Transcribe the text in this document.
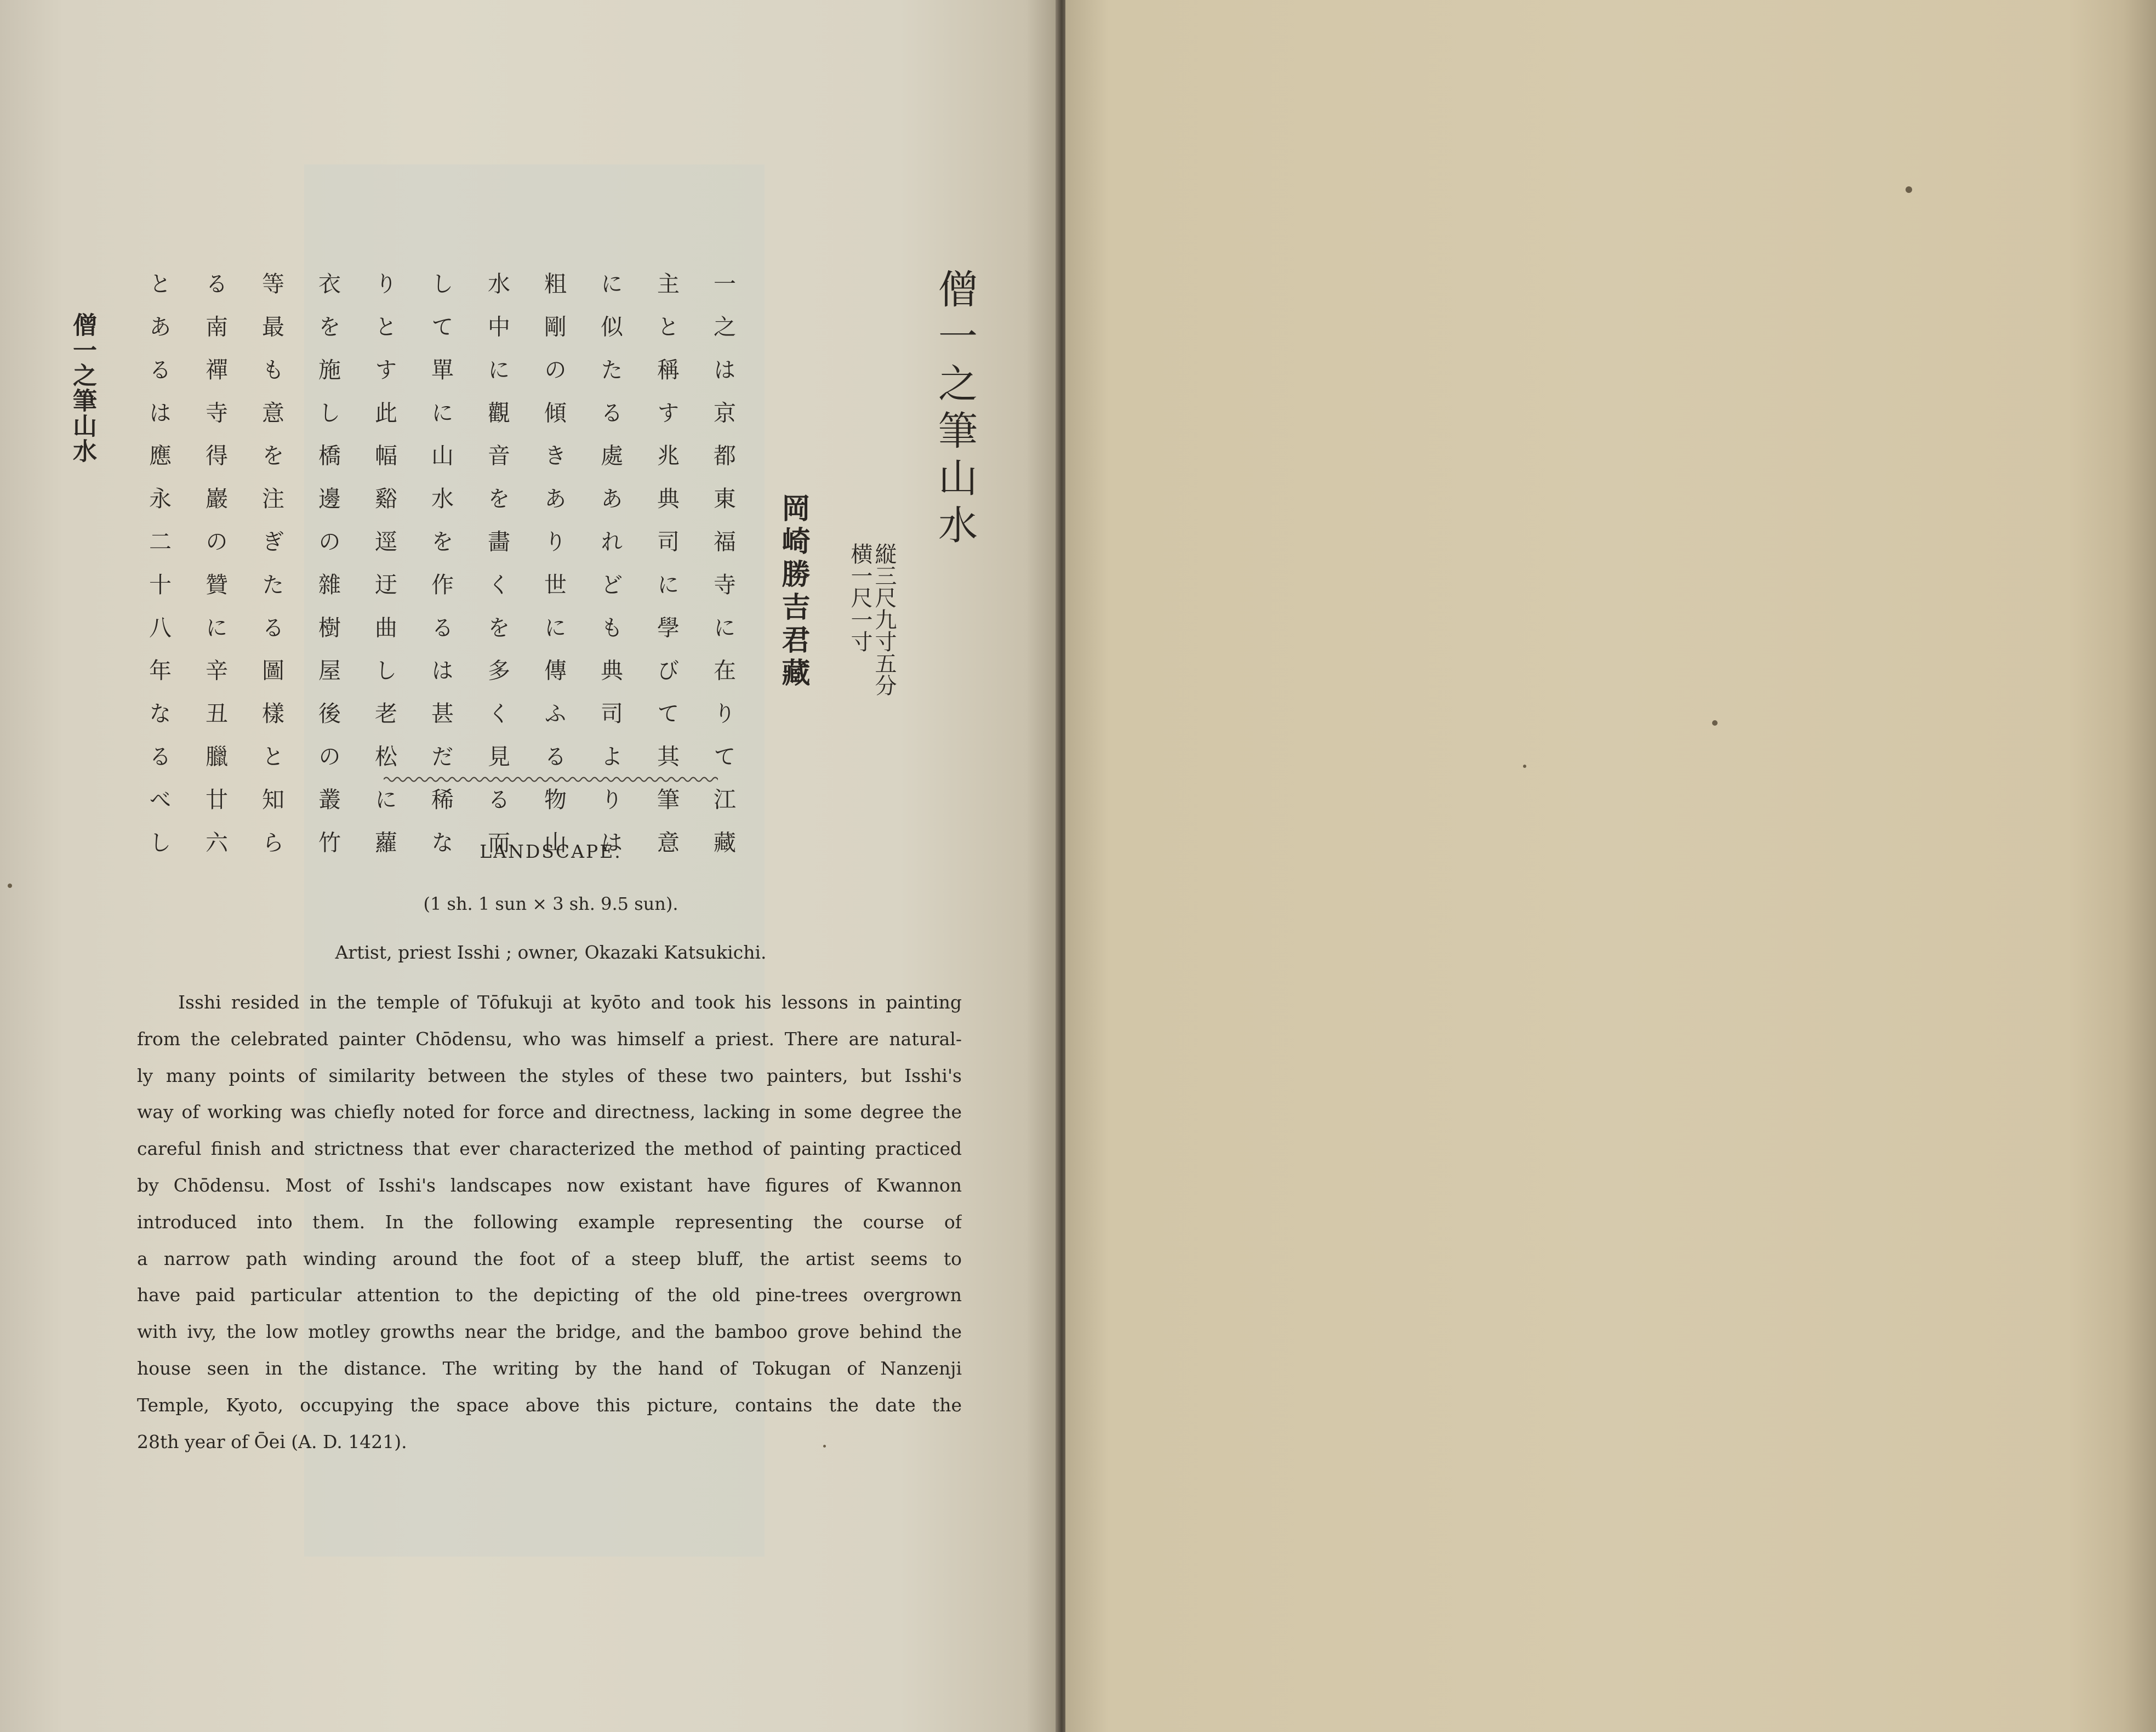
僧一之筆山水	僧一之筆山水
縦三尺九寸五分
横一尺一寸
岡崎勝吉君藏
一之は京都東福寺に在りて江藏
主と稱す兆典司に學びて其筆意
に似たる處あれども典司よりは
粗剛の傾きあり世に傳ふる物山
水中に觀音を畵くを多く見る而
して單に山水を作るは甚だ稀な
りとす此幅谿逕迂曲し老松に蘿
衣を施し橋邊の雜樹屋後の叢竹
等最も意を注ぎたる圖樣と知ら
る南禪寺得巖の贊に辛丑臘廿六
とあるは應永二十八年なるべし	LANDSCAPE.
(1 sh. 1 sun × 3 sh. 9.5 sun).
Artist, priest Isshi ; owner, Okazaki Katsukichi.
Isshi resided in the temple of Tōfukuji at kyōto and took his lessons in painting
from the celebrated painter Chōdensu, who was himself a priest. There are natural-
ly many points of similarity between the styles of these two painters, but Isshi's
way of working was chiefly noted for force and directness, lacking in some degree the
careful finish and strictness that ever characterized the method of painting practiced
by Chōdensu. Most of Isshi's landscapes now existant have figures of Kwannon
introduced into them. In the following example representing the course of
a narrow path winding around the foot of a steep bluff, the artist seems to
have paid particular attention to the depicting of the old pine-trees overgrown
with ivy, the low motley growths near the bridge, and the bamboo grove behind the
house seen in the distance. The writing by the hand of Tokugan of Nanzenji
Temple, Kyoto, occupying the space above this picture, contains the date the
28th year of Ōei (A. D. 1421).
